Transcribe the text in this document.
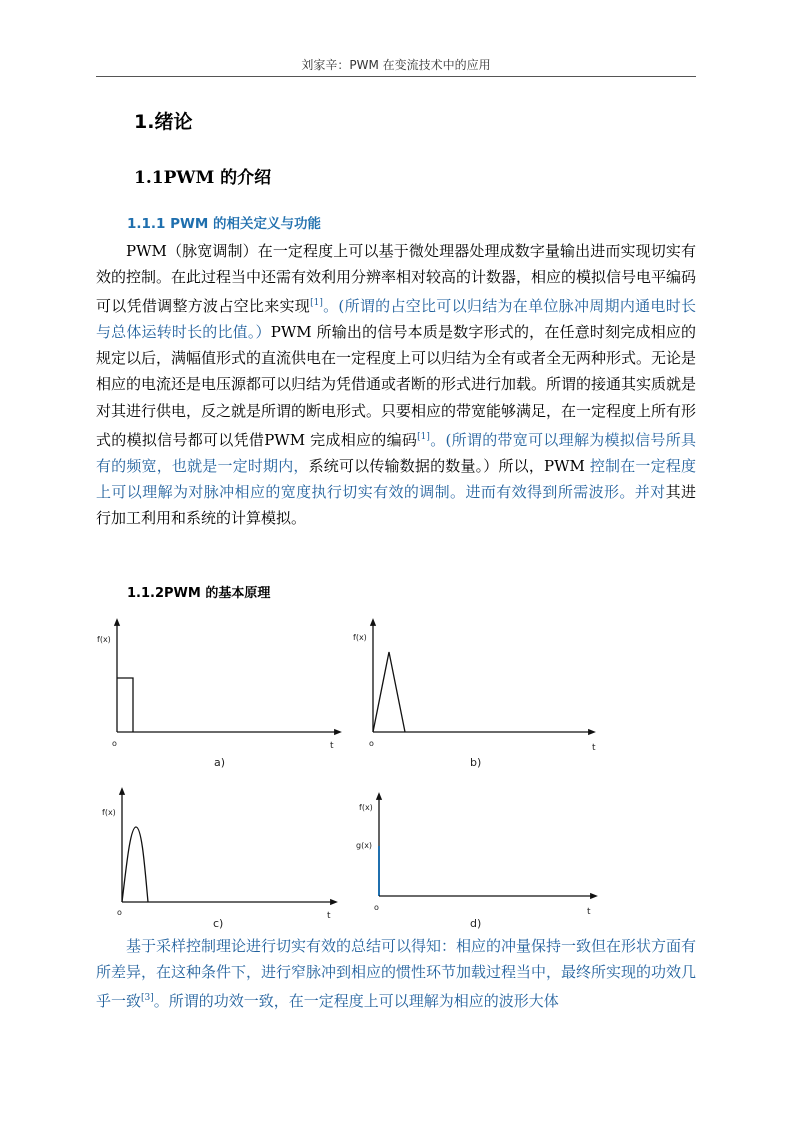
刘家辛：PWM 在变流技术中的应用
1.绪论
1.1PWM 的介绍
1.1.1 PWM 的相关定义与功能

PWM（脉宽调制）在一定程度上可以基于微处理器处理成数字量输出进而实现切实有效的控制。在此过程当中还需有效利用分辨率相对较高的计数器，相应的模拟信号电平编码可以凭借调整方波占空比来实现[1]。(所谓的占空比可以归结为在单位脉冲周期内通电时长与总体运转时长的比值。）PWM 所输出的信号本质是数字形式的，在任意时刻完成相应的规定以后，满幅值形式的直流供电在一定程度上可以归结为全有或者全无两种形式。无论是相应的电流还是电压源都可以归结为凭借通或者断的形式进行加载。所谓的接通其实质就是对其进行供电，反之就是所谓的断电形式。只要相应的带宽能够满足，在一定程度上所有形式的模拟信号都可以凭借PWM 完成相应的编码[1]。(所谓的带宽可以理解为模拟信号所具有的频宽，也就是一定时期内，系统可以传输数据的数量。）所以，PWM 控制在一定程度上可以理解为对脉冲相应的宽度执行切实有效的调制。进而有效得到所需波形。并对其进行加工利用和系统的计算模拟。

1.1.2PWM 的基本原理
f(x)
o	t
a)
f(x)
o	t
b)
f(x)
o	t
c)
f(x)
g(x)
o	t
d)

基于采样控制理论进行切实有效的总结可以得知：相应的冲量保持一致但在形状方面有所差异，在这种条件下，进行窄脉冲到相应的惯性环节加载过程当中，最终所实现的功效几乎一致[3]。所谓的功效一致，在一定程度上可以理解为相应的波形大体
